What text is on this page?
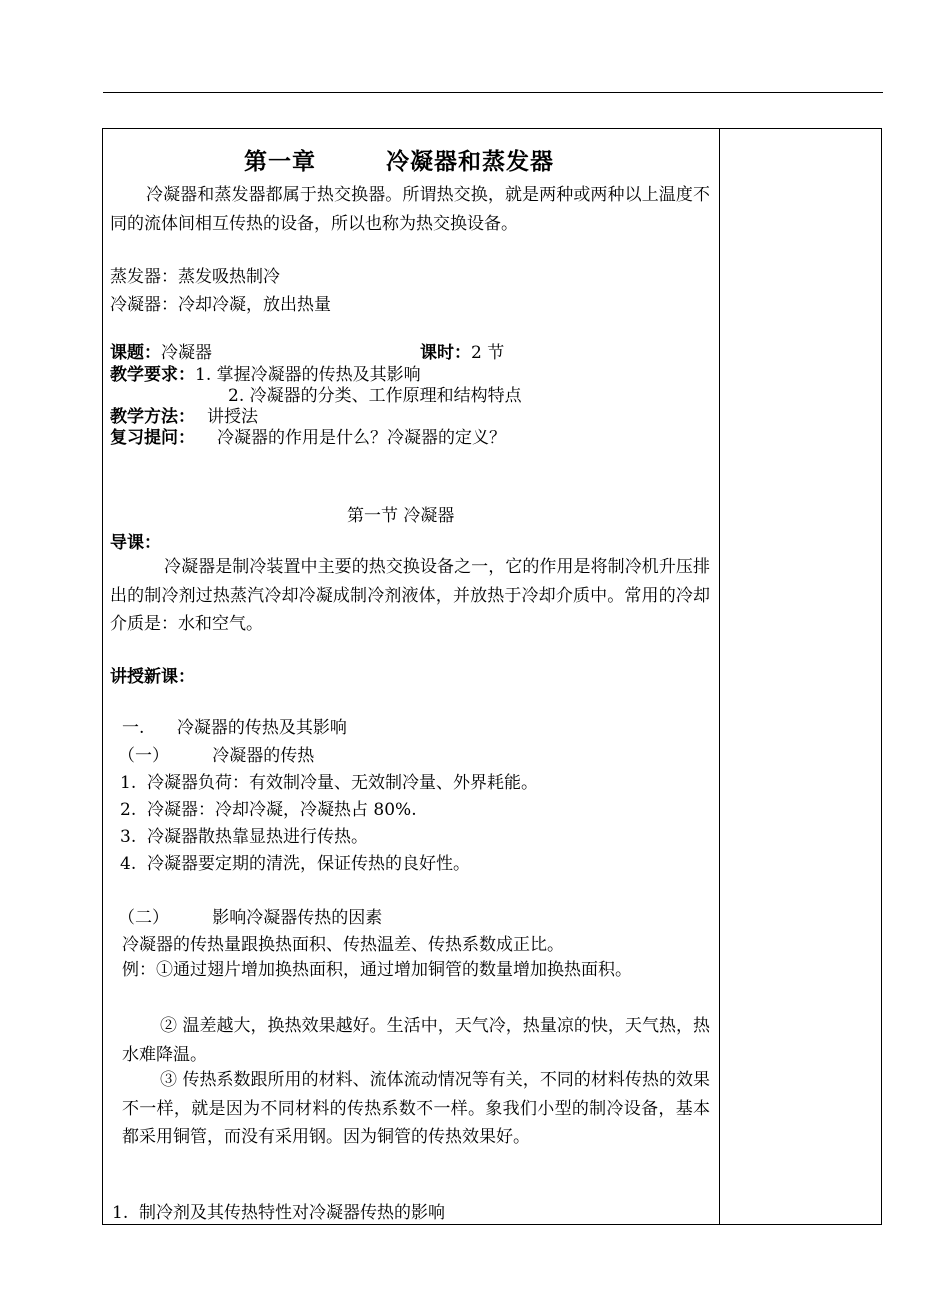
第一章	冷凝器和蒸发器
冷凝器和蒸发器都属于热交换器。所谓热交换，就是两种或两种以上温度不同的流体间相互传热的设备，所以也称为热交换设备。
蒸发器：蒸发吸热制冷
冷凝器：冷却冷凝，放出热量
课题：冷凝器	课时：2 节
教学要求：1. 掌握冷凝器的传热及其影响
2. 冷凝器的分类、工作原理和结构特点
教学方法： 讲授法
复习提问： 冷凝器的作用是什么？冷凝器的定义？
第一节 冷凝器
导课：
冷凝器是制冷装置中主要的热交换设备之一，它的作用是将制冷机升压排出的制冷剂过热蒸汽冷却冷凝成制冷剂液体，并放热于冷却介质中。常用的冷却介质是：水和空气。
讲授新课：
一.      冷凝器的传热及其影响
（一）        冷凝器的传热
1.  冷凝器负荷：有效制冷量、无效制冷量、外界耗能。
2.  冷凝器：冷却冷凝，冷凝热占 80%.
3.  冷凝器散热靠显热进行传热。
4.  冷凝器要定期的清洗，保证传热的良好性。
（二）        影响冷凝器传热的因素
冷凝器的传热量跟换热面积、传热温差、传热系数成正比。
例：①通过翅片增加换热面积，通过增加铜管的数量增加换热面积。
② 温差越大，换热效果越好。生活中，天气冷，热量凉的快，天气热，热水难降温。
③ 传热系数跟所用的材料、流体流动情况等有关，不同的材料传热的效果不一样，就是因为不同材料的传热系数不一样。象我们小型的制冷设备，基本都采用铜管，而没有采用钢。因为铜管的传热效果好。
1.  制冷剂及其传热特性对冷凝器传热的影响
